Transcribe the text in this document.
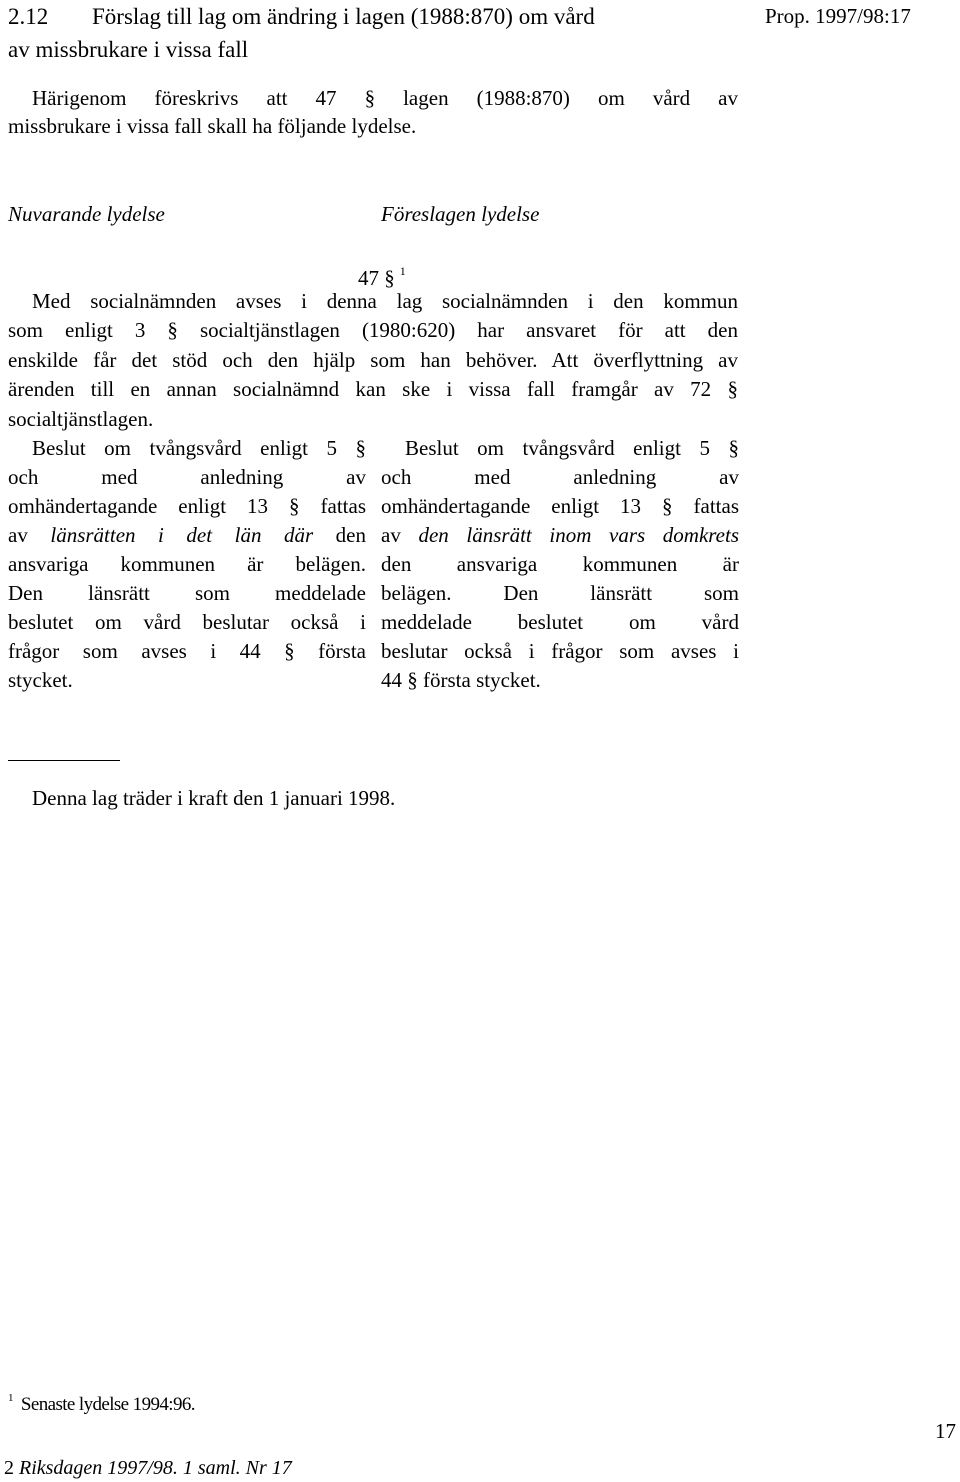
2.12 Förslag till lag om ändring i lagen (1988:870) om vård
av missbrukare i vissa fall
Prop. 1997/98:17
Härigenom föreskrivs att 47 § lagen (1988:870) om vård av
missbrukare i vissa fall skall ha följande lydelse.
Nuvarande lydelse	Föreslagen lydelse
47 § $^1$
Med socialnämnden avses i denna lag socialnämnden i den kommun
som enligt 3 § socialtjänstlagen (1980:620) har ansvaret för att den
enskilde får det stöd och den hjälp som han behöver. Att överflyttning av
ärenden till en annan socialnämnd kan ske i vissa fall framgår av 72 §
socialtjänstlagen.
Beslut om tvångsvård enligt 5 §
och med anledning av
omhändertagande enligt 13 § fattas
av länsrätten i det län där den
ansvariga kommunen är belägen.
Den länsrätt som meddelade
beslutet om vård beslutar också i
frågor som avses i 44 § första
stycket.
Beslut om tvångsvård enligt 5 §
och med anledning av
omhändertagande enligt 13 § fattas
av den länsrätt inom vars domkrets
den ansvariga kommunen är
belägen. Den länsrätt som
meddelade beslutet om vård
beslutar också i frågor som avses i
44 § första stycket.
Denna lag träder i kraft den 1 januari 1998.
$^1$ Senaste lydelse 1994:96.
17
2 Riksdagen 1997/98. 1 saml. Nr 17
